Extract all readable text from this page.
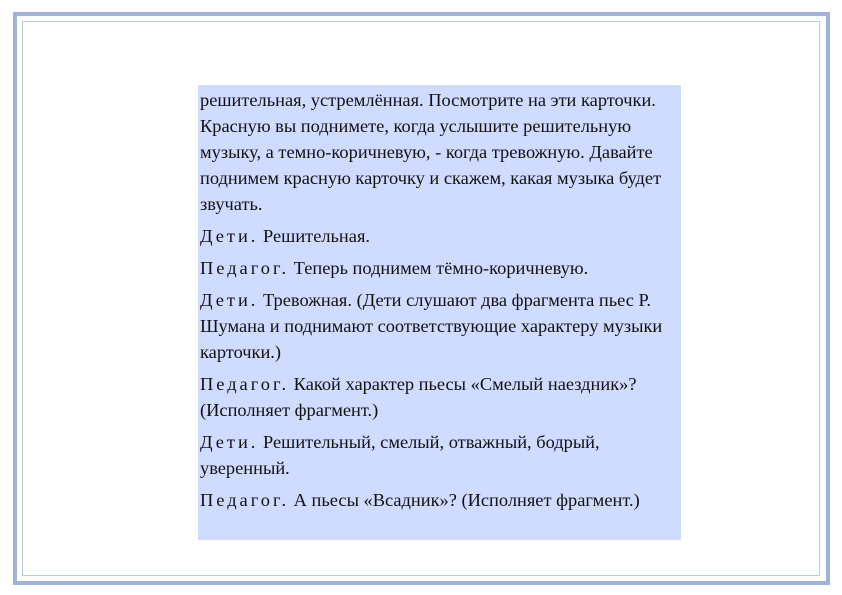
решительная, устремлённая. Посмотрите на эти карточки. Красную вы поднимете, когда услышите решительную музыку, а темно-коричневую, - когда тревожную. Давайте поднимем красную карточку и скажем, какая музыка будет звучать.

Дети. Решительная.

Педагог. Теперь поднимем тёмно-коричневую.

Дети. Тревожная. (Дети слушают два фрагмента пьес Р. Шумана и поднимают соответствующие характеру музыки карточки.)

Педагог. Какой характер пьесы «Смелый наездник»? (Исполняет фрагмент.)

Дети. Решительный, смелый, отважный, бодрый, уверенный.

Педагог. А пьесы «Всадник»? (Исполняет фрагмент.)
